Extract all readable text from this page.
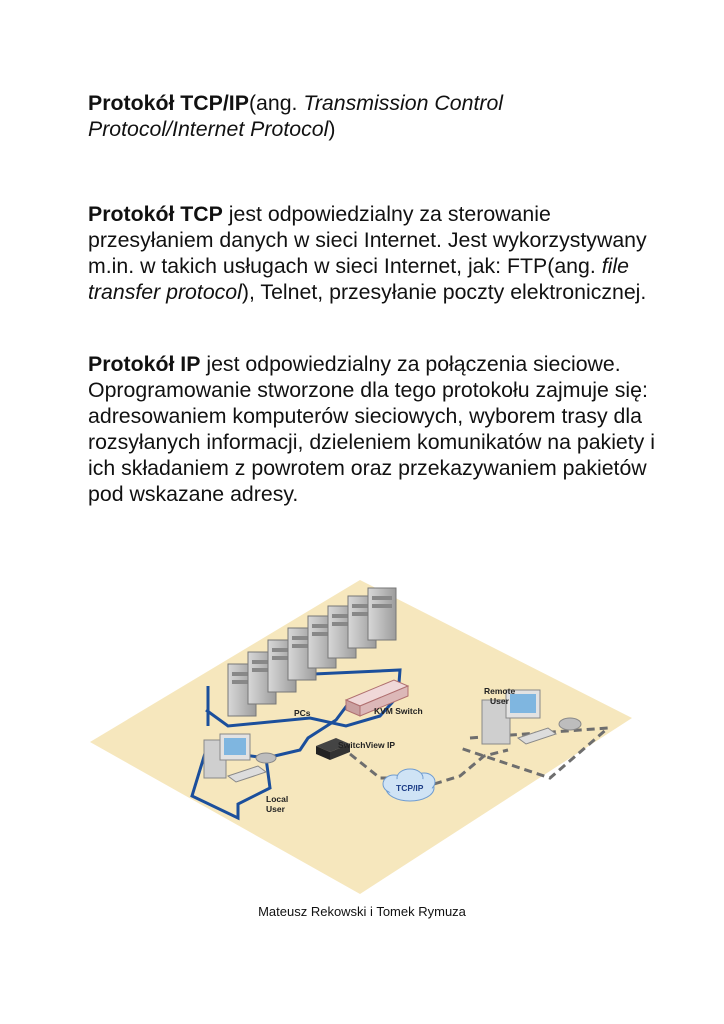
Protokół TCP/IP(ang. Transmission Control Protocol/Internet Protocol)

Protokół TCP jest odpowiedzialny za sterowanie przesyłaniem danych w sieci Internet. Jest wykorzystywany m.in. w takich usługach w sieci Internet, jak: FTP(ang. file transfer protocol), Telnet, przesyłanie poczty elektronicznej.

Protokół IP jest odpowiedzialny za połączenia sieciowe. Oprogramowanie stworzone dla tego protokołu zajmuje się: adresowaniem komputerów sieciowych, wyborem trasy dla rozsyłanych informacji, dzieleniem komunikatów na pakiety i ich składaniem z powrotem oraz przekazywaniem pakietów pod wskazane adresy.

PCs	KVM Switch
SwitchView IP
Local
User
Remote
User
TCP/IP
Mateusz Rekowski i Tomek Rymuza
